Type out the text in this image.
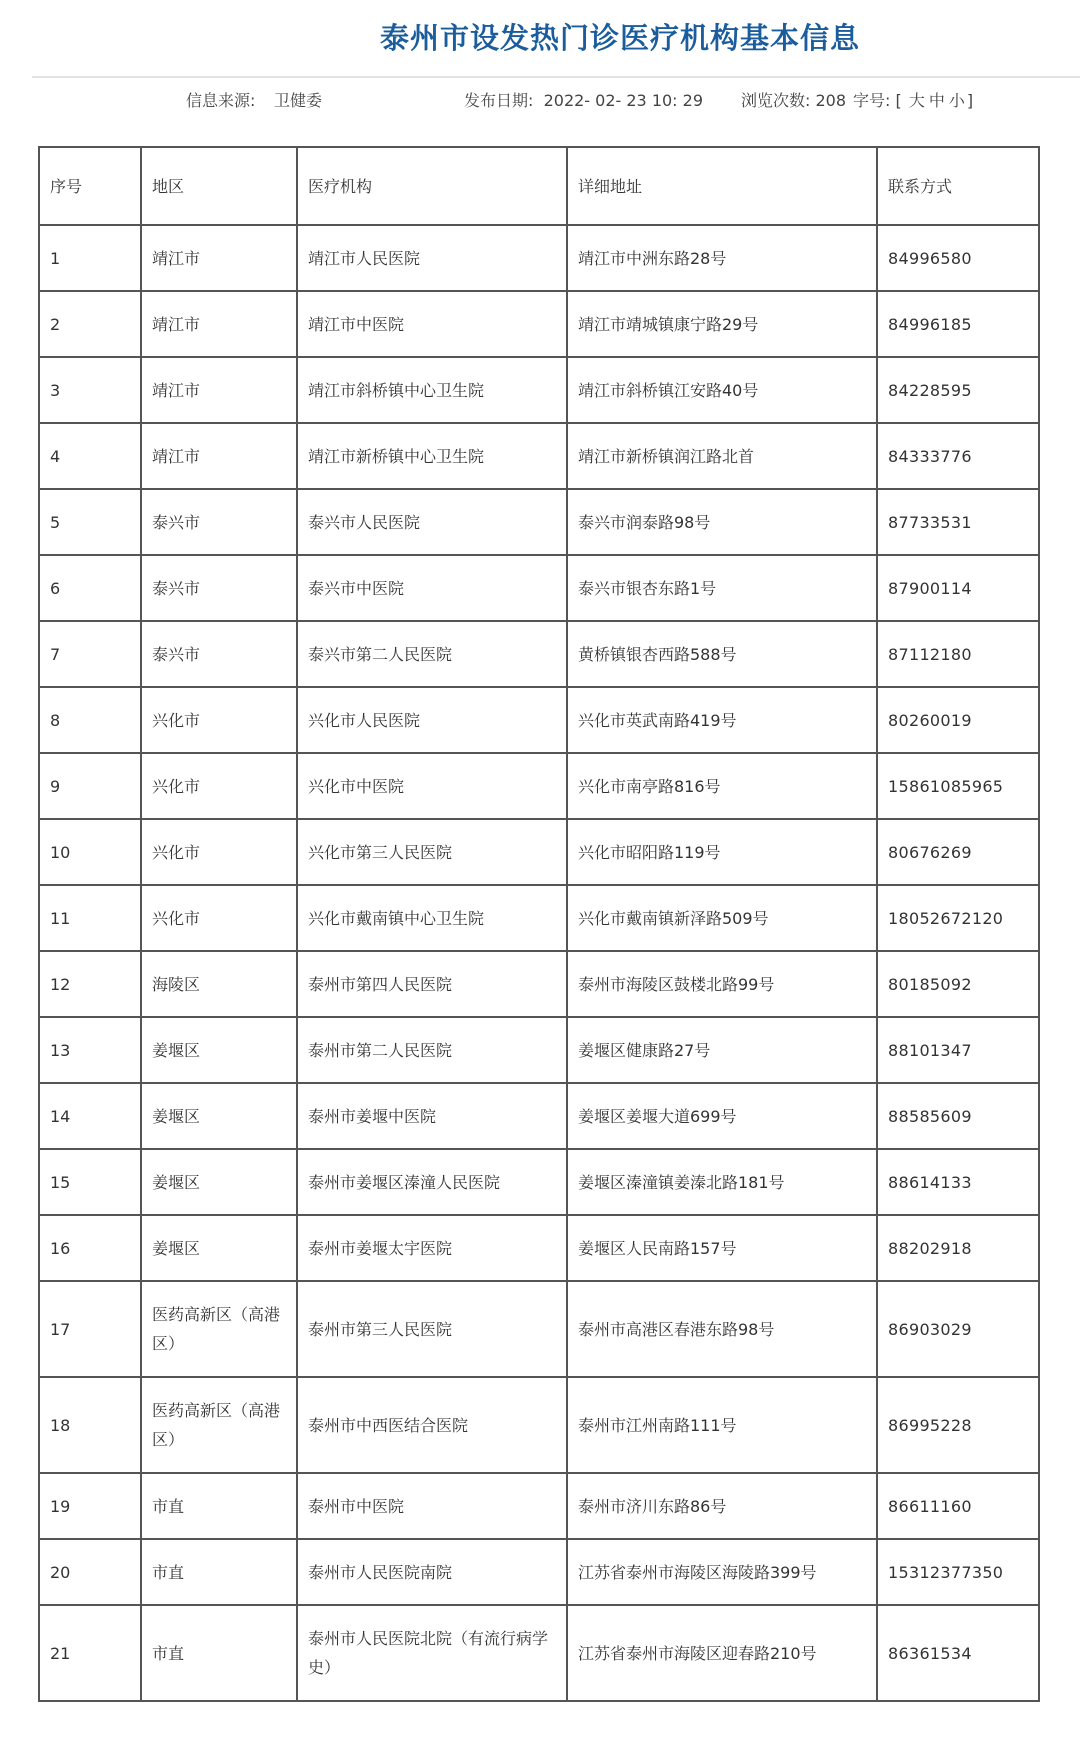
泰州市设发热门诊医疗机构基本信息
信息来源: 卫健委	发布日期: 2022- 02- 23 10: 29 浏览次数: 208 字号: [ 大 中 小 ]
序号	地区	医疗机构	详细地址	联系方式
1	靖江市	靖江市人民医院	靖江市中洲东路28号	84996580
2	靖江市	靖江市中医院	靖江市靖城镇康宁路29号	84996185
3	靖江市	靖江市斜桥镇中心卫生院	靖江市斜桥镇江安路40号	84228595
4	靖江市	靖江市新桥镇中心卫生院	靖江市新桥镇润江路北首	84333776
5	泰兴市	泰兴市人民医院	泰兴市润泰路98号	87733531
6	泰兴市	泰兴市中医院	泰兴市银杏东路1号	87900114
7	泰兴市	泰兴市第二人民医院	黄桥镇银杏西路588号	87112180
8	兴化市	兴化市人民医院	兴化市英武南路419号	80260019
9	兴化市	兴化市中医院	兴化市南亭路816号	15861085965
10	兴化市	兴化市第三人民医院	兴化市昭阳路119号	80676269
11	兴化市	兴化市戴南镇中心卫生院	兴化市戴南镇新泽路509号	18052672120
12	海陵区	泰州市第四人民医院	泰州市海陵区鼓楼北路99号	80185092
13	姜堰区	泰州市第二人民医院	姜堰区健康路27号	88101347
14	姜堰区	泰州市姜堰中医院	姜堰区姜堰大道699号	88585609
15	姜堰区	泰州市姜堰区溱潼人民医院	姜堰区溱潼镇姜溱北路181号	88614133
16	姜堰区	泰州市姜堰太宇医院	姜堰区人民南路157号	88202918
17	医药高新区（高港区）	泰州市第三人民医院	泰州市高港区春港东路98号	86903029
18	医药高新区（高港区）	泰州市中西医结合医院	泰州市江州南路111号	86995228
19	市直	泰州市中医院	泰州市济川东路86号	86611160
20	市直	泰州市人民医院南院	江苏省泰州市海陵区海陵路399号	15312377350
21	市直	泰州市人民医院北院（有流行病学史）	江苏省泰州市海陵区迎春路210号	86361534
